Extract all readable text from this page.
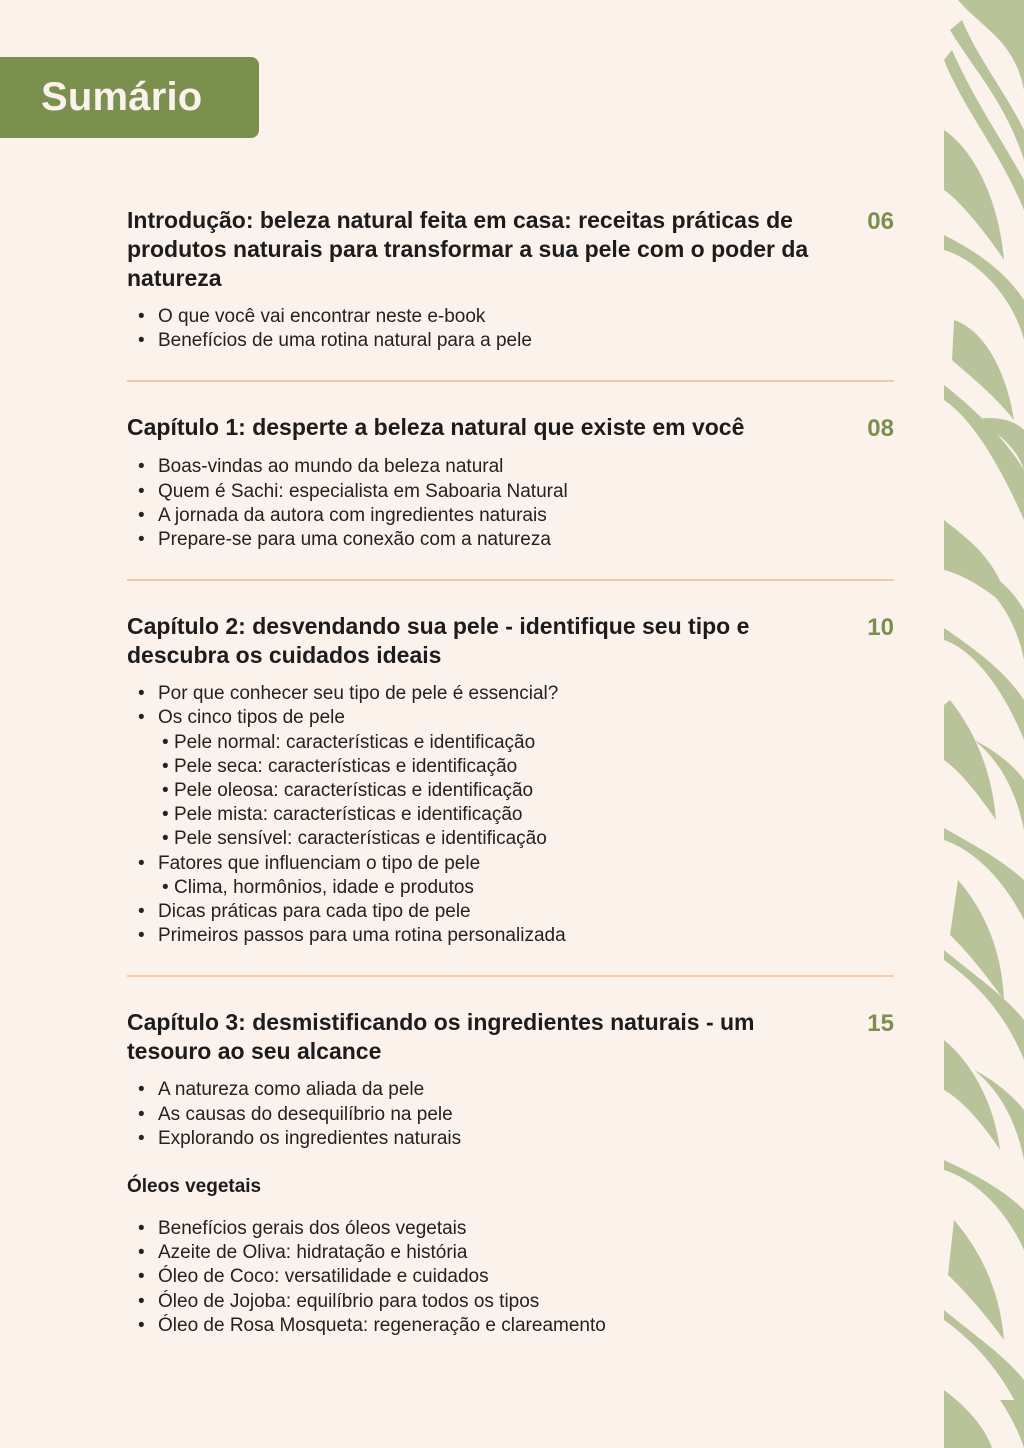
Sumário
Introdução: beleza natural feita em casa: receitas práticas de produtos naturais para transformar a sua pele com o poder da natureza
06
• O que você vai encontrar neste e-book
• Benefícios de uma rotina natural para a pele
Capítulo 1: desperte a beleza natural que existe em você	08
• Boas-vindas ao mundo da beleza natural
• Quem é Sachi: especialista em Saboaria Natural
• A jornada da autora com ingredientes naturais
• Prepare-se para uma conexão com a natureza
Capítulo 2: desvendando sua pele - identifique seu tipo e descubra os cuidados ideais
10
• Por que conhecer seu tipo de pele é essencial?
• Os cinco tipos de pele
• Pele normal: características e identificação
• Pele seca: características e identificação
• Pele oleosa: características e identificação
• Pele mista: características e identificação
• Pele sensível: características e identificação
• Fatores que influenciam o tipo de pele
• Clima, hormônios, idade e produtos
• Dicas práticas para cada tipo de pele
• Primeiros passos para uma rotina personalizada
Capítulo 3: desmistificando os ingredientes naturais - um tesouro ao seu alcance
15
• A natureza como aliada da pele
• As causas do desequilíbrio na pele
• Explorando os ingredientes naturais
Óleos vegetais
• Benefícios gerais dos óleos vegetais
• Azeite de Oliva: hidratação e história
• Óleo de Coco: versatilidade e cuidados
• Óleo de Jojoba: equilíbrio para todos os tipos
• Óleo de Rosa Mosqueta: regeneração e clareamento
